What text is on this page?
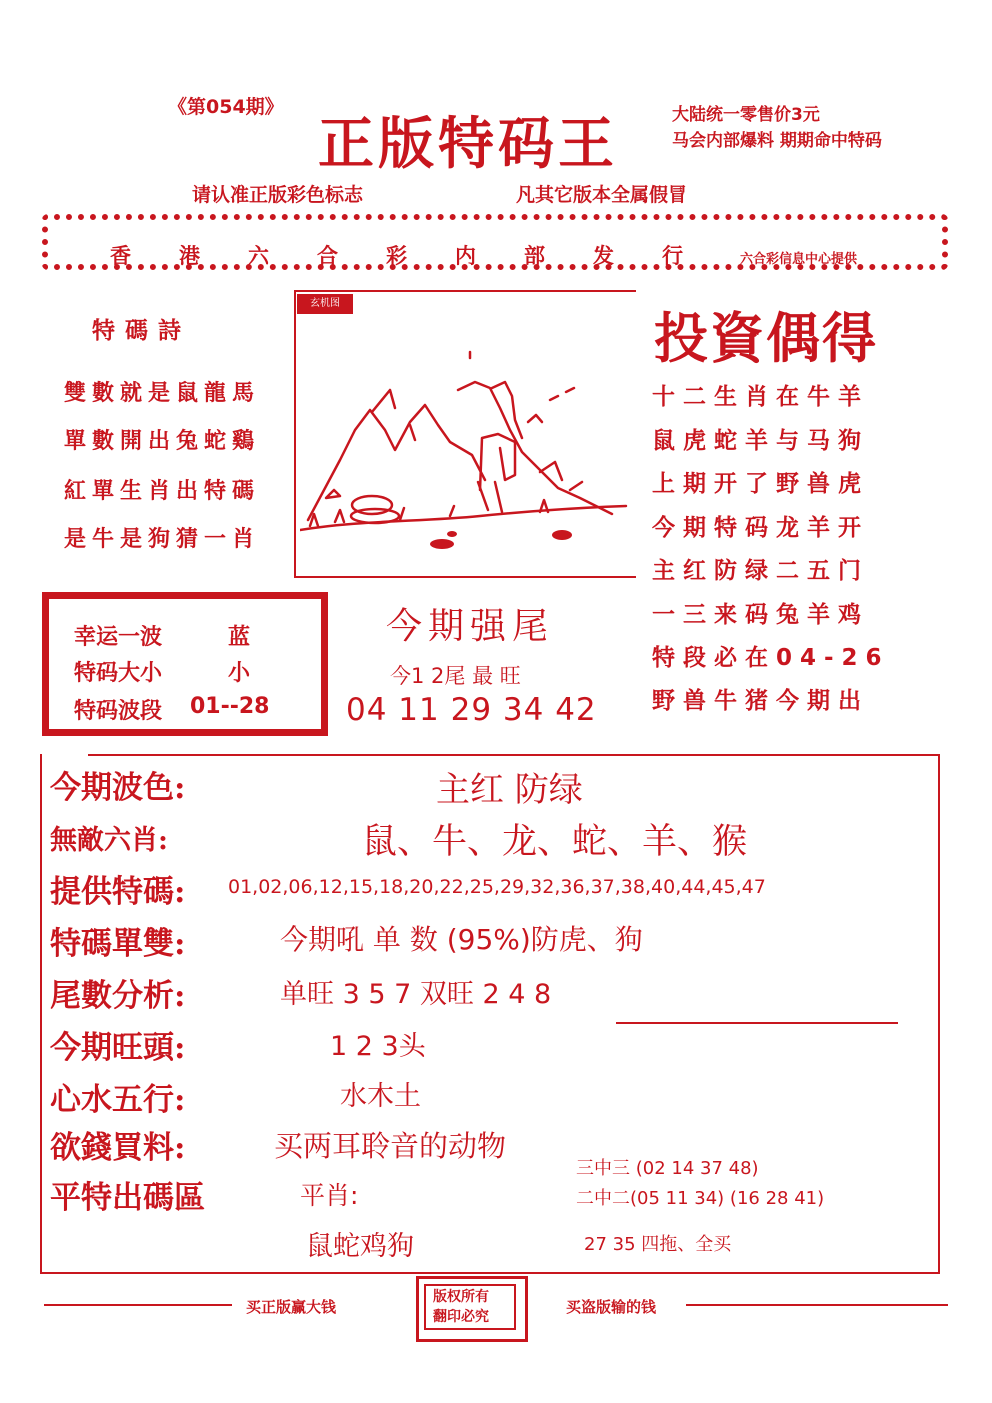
《第054期》
正版特码王	大陆统一零售价3元
马会内部爆料 期期命中特码
请认准正版彩色标志	凡其它版本全属假冒
香港六合彩内部发行 六合彩信息中心提供
特碼詩
雙數就是鼠龍馬
單數開出兔蛇鷄
紅單生肖出特碼
是牛是狗猜一肖
玄机图
投資偶得
十二生肖在牛羊
鼠虎蛇羊与马狗
上期开了野兽虎
今期特码龙羊开
主红防绿二五门
一三来码兔羊鸡
特段必在04-26
野兽牛猪今期出
幸运一波	蓝
特码大小	小
特码波段 01--28
今期强尾
今1 2尾 最 旺
04 11 29 34 42
今期波色:	主红 防绿
無敵六肖:	鼠、牛、龙、蛇、羊、猴
提供特碼: 01,02,06,12,15,18,20,22,25,29,32,36,37,38,40,44,45,47
特碼單雙:	今期吼 单 数 (95%)防虎、狗
尾數分析:	单旺 3 5 7 双旺 2 4 8
今期旺頭:	1 2 3头
心水五行:	水木土
欲錢買料:	买两耳聆音的动物
平特出碼區	平肖:
鼠蛇鸡狗
三中三 (02 14 37 48)
二中二(05 11 34) (16 28 41)
27 35 四拖、全买
买正版赢大钱
版权所有
翻印必究
买盗版输的钱
